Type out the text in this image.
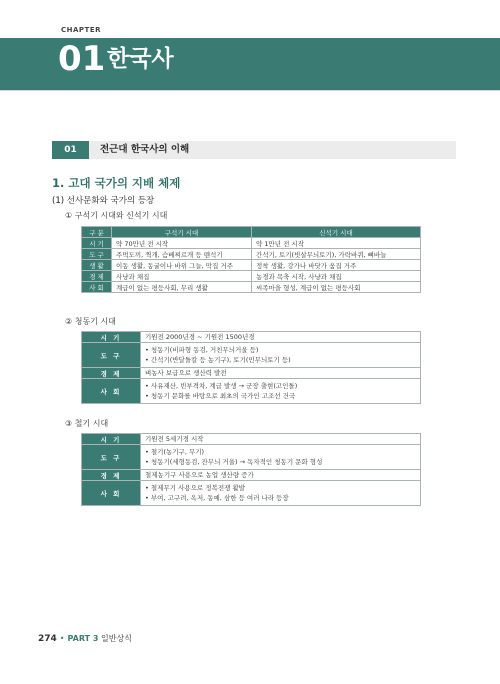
CHAPTER
01 한국사
01	전근대 한국사의 이해
1. 고대 국가의 지배 체제
(1) 선사문화와 국가의 등장
① 구석기 시대와 신석기 시대
구 분	구석기 시대	신석기 시대
시 기	약 70만년 전 시작	약 1만년 전 시작
도 구	주먹도끼, 찍개, 슴베찌르개 등 뗀석기	간석기, 토기(빗살무늬토기), 가락바퀴, 뼈바늘
생 활	이동 생활, 동굴이나 바위 그늘, 막집 거주	정착 생활, 강가나 바닷가 움집 거주
경 제	사냥과 채집	농경과 목축 시작, 사냥과 채집
사 회	계급이 없는 평등사회, 무리 생활	씨족마을 형성, 계급이 없는 평등사회
② 청동기 시대
시 기	기원전 2000년경 ~ 기원전 1500년경

도 구	• 청동기(비파형 동검, 거친무늬거울 등)
• 간석기(반달돌칼 등 농기구), 토기(민무늬토기 등)

경 제	벼농사 보급으로 생산력 발전

사 회	• 사유재산, 빈부격차, 계급 발생 → 군장 출현(고인돌)
• 청동기 문화를 바탕으로 최초의 국가인 고조선 건국
③ 철기 시대
시 기	기원전 5세기경 시작

도 구	• 철기(농기구, 무기)
• 청동기(세형동검, 잔무늬 거울) → 독자적인 청동기 문화 형성

경 제	철제농기구 사용으로 농업 생산량 증가

사 회	• 철제무기 사용으로 정복전쟁 활발
• 부여, 고구려, 옥저, 동예, 삼한 등 여러 나라 등장
274 • PART 3 일반상식
